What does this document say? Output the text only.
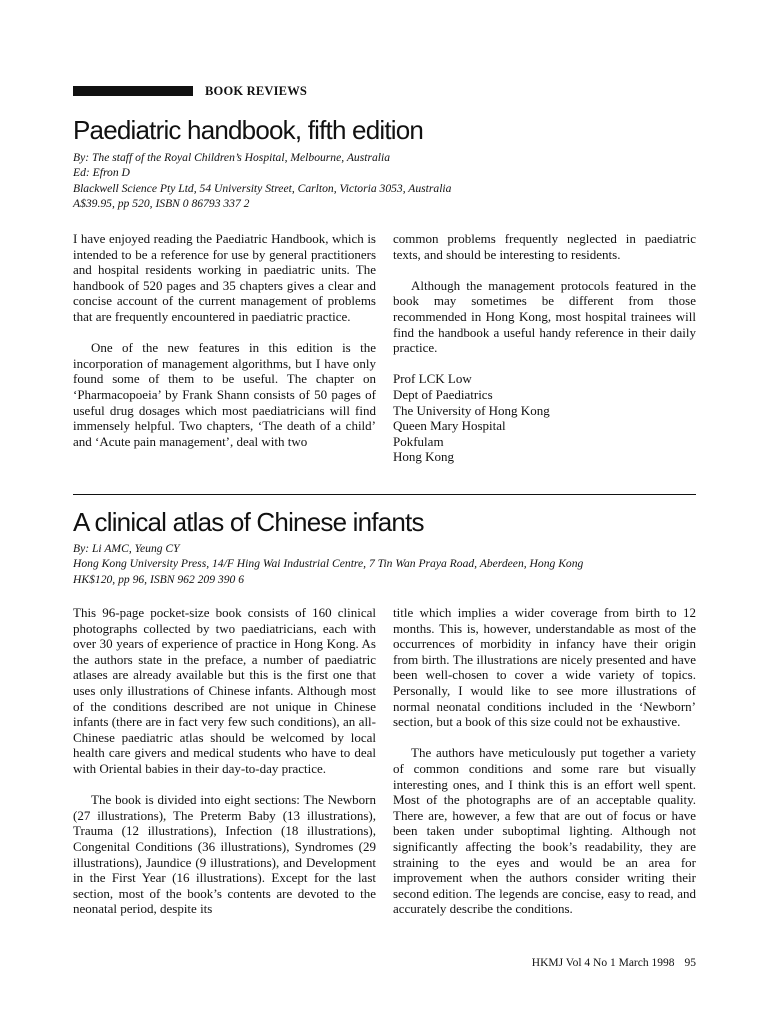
BOOK REVIEWS
Paediatric handbook, fifth edition
By: The staff of the Royal Children’s Hospital, Melbourne, Australia
Ed: Efron D
Blackwell Science Pty Ltd, 54 University Street, Carlton, Victoria 3053, Australia
A$39.95, pp 520, ISBN 0 86793 337 2

I have enjoyed reading the Paediatric Handbook, which is intended to be a reference for use by general practitioners and hospital residents working in paediatric units. The handbook of 520 pages and 35 chapters gives a clear and concise account of the current management of problems that are frequently encountered in paediatric practice.

One of the new features in this edition is the incorporation of management algorithms, but I have only found some of them to be useful. The chapter on ‘Pharmacopoeia’ by Frank Shann consists of 50 pages of useful drug dosages which most paediatricians will find immensely helpful. Two chapters, ‘The death of a child’ and ‘Acute pain management’, deal with two

common problems frequently neglected in paediatric texts, and should be interesting to residents.

Although the management protocols featured in the book may sometimes be different from those recommended in Hong Kong, most hospital trainees will find the handbook a useful handy reference in their daily practice.

Prof LCK Low
Dept of Paediatrics
The University of Hong Kong
Queen Mary Hospital
Pokfulam
Hong Kong
A clinical atlas of Chinese infants
By: Li AMC, Yeung CY
Hong Kong University Press, 14/F Hing Wai Industrial Centre, 7 Tin Wan Praya Road, Aberdeen, Hong Kong
HK$120, pp 96, ISBN 962 209 390 6

This 96-page pocket-size book consists of 160 clinical photographs collected by two paediatricians, each with over 30 years of experience of practice in Hong Kong. As the authors state in the preface, a number of paediatric atlases are already available but this is the first one that uses only illustrations of Chinese infants. Although most of the conditions described are not unique in Chinese infants (there are in fact very few such conditions), an all-Chinese paediatric atlas should be welcomed by local health care givers and medical students who have to deal with Oriental babies in their day-to-day practice.

The book is divided into eight sections: The Newborn (27 illustrations), The Preterm Baby (13 illustrations), Trauma (12 illustrations), Infection (18 illustrations), Congenital Conditions (36 illustrations), Syndromes (29 illustrations), Jaundice (9 illustrations), and Development in the First Year (16 illustrations). Except for the last section, most of the book’s contents are devoted to the neonatal period, despite its

title which implies a wider coverage from birth to 12 months. This is, however, understandable as most of the occurrences of morbidity in infancy have their origin from birth. The illustrations are nicely presented and have been well-chosen to cover a wide variety of topics. Personally, I would like to see more illustrations of normal neonatal conditions included in the ‘Newborn’ section, but a book of this size could not be exhaustive.

The authors have meticulously put together a variety of common conditions and some rare but visually interesting ones, and I think this is an effort well spent. Most of the photographs are of an acceptable quality. There are, however, a few that are out of focus or have been taken under suboptimal lighting. Although not significantly affecting the book’s readability, they are straining to the eyes and would be an area for improvement when the authors consider writing their second edition. The legends are concise, easy to read, and accurately describe the conditions.

HKMJ Vol 4 No 1 March 1998 95
